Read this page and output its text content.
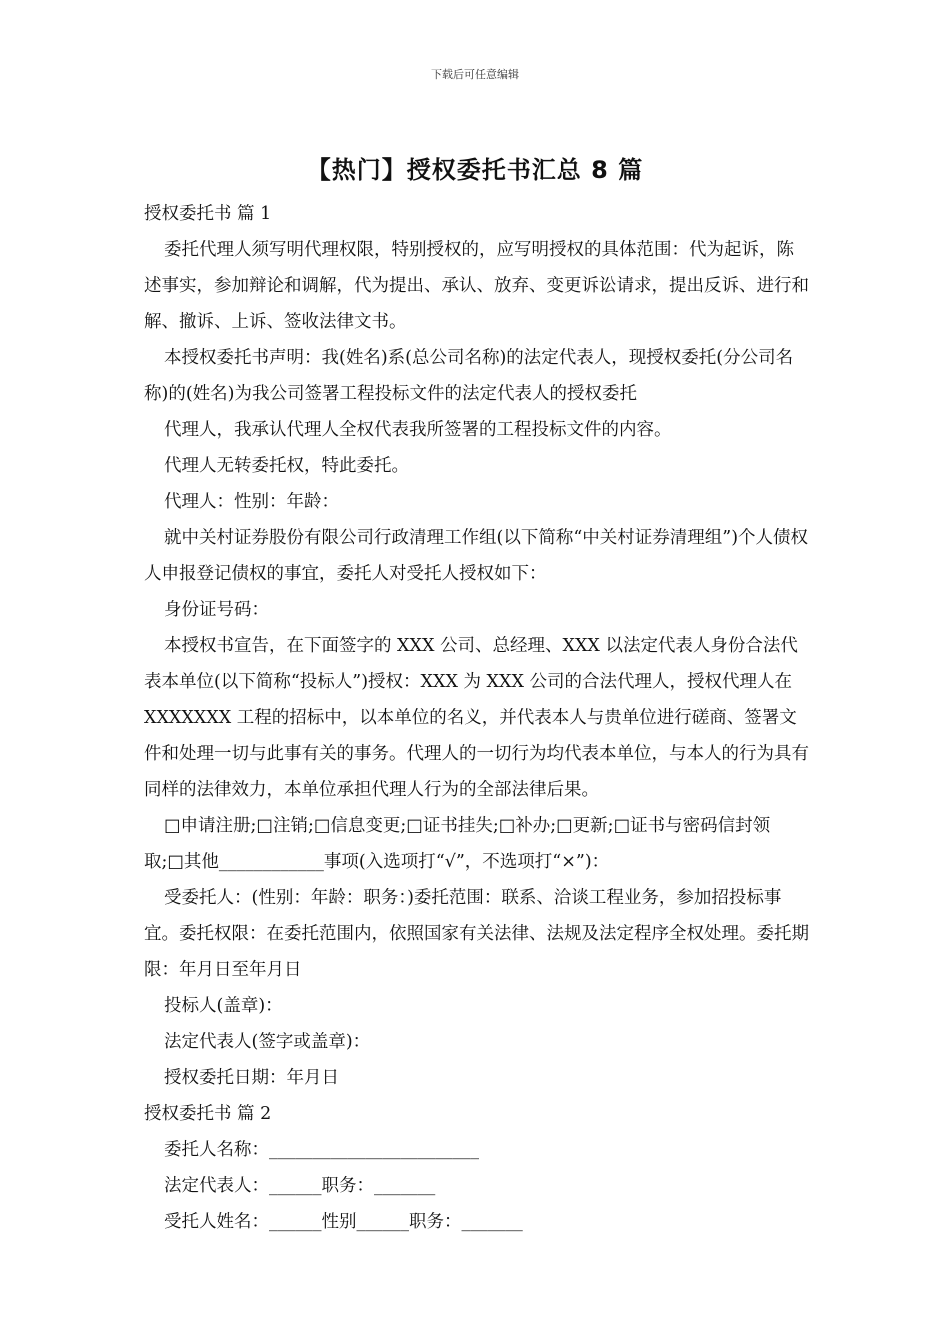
下载后可任意编辑
【热门】授权委托书汇总 8 篇

授权委托书 篇 1

委托代理人须写明代理权限，特别授权的，应写明授权的具体范围：代为起诉，陈述事实，参加辩论和调解，代为提出、承认、放弃、变更诉讼请求，提出反诉、进行和解、撤诉、上诉、签收法律文书。

本授权委托书声明：我(姓名)系(总公司名称)的法定代表人，现授权委托(分公司名称)的(姓名)为我公司签署工程投标文件的法定代表人的授权委托

代理人，我承认代理人全权代表我所签署的工程投标文件的内容。

代理人无转委托权，特此委托。

代理人：性别：年龄：

就中关村证券股份有限公司行政清理工作组(以下简称“中关村证券清理组”)个人债权人申报登记债权的事宜，委托人对受托人授权如下：

身份证号码：

本授权书宣告，在下面签字的 XXX 公司、总经理、XXX 以法定代表人身份合法代表本单位(以下简称“投标人”)授权：XXX 为 XXX 公司的合法代理人，授权代理人在 XXXXXXX 工程的招标中，以本单位的名义，并代表本人与贵单位进行磋商、签署文件和处理一切与此事有关的事务。代理人的一切行为均代表本单位，与本人的行为具有同样的法律效力，本单位承担代理人行为的全部法律后果。

□申请注册;□注销;□信息变更;□证书挂失;□补办;□更新;□证书与密码信封领取;□其他____________事项(入选项打“√”，不选项打“×”)：

受委托人：(性别：年龄：职务：)委托范围：联系、洽谈工程业务，参加招投标事宜。委托权限：在委托范围内，依照国家有关法律、法规及法定程序全权处理。委托期限：年月日至年月日

投标人(盖章)：

法定代表人(签字或盖章)：

授权委托日期：年月日

授权委托书 篇 2

委托人名称：________________________

法定代表人：______职务：_______

受托人姓名：______性别______职务：_______
